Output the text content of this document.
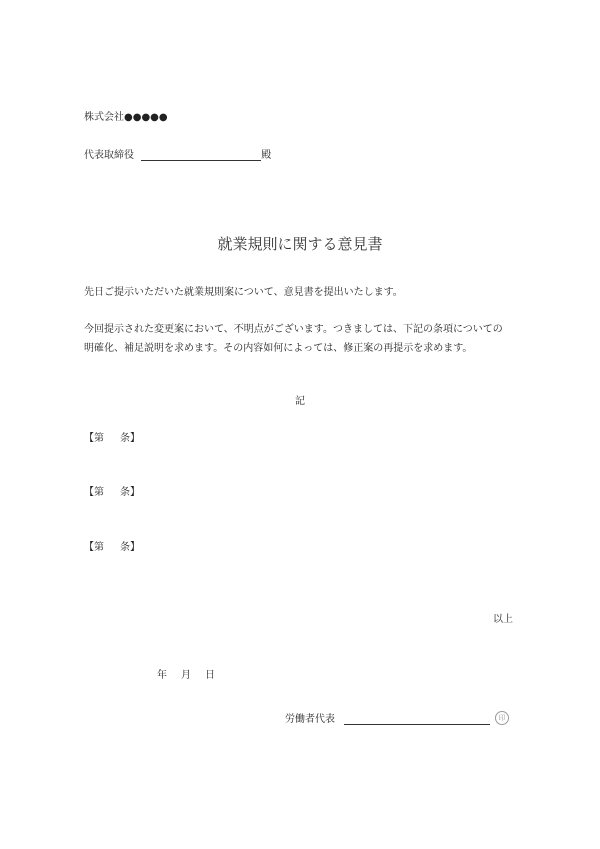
株式会社●●●●●
代表取締役	殿
就業規則に関する意見書
先日ご提示いただいた就業規則案について、意見書を提出いたします。
今回提示された変更案において、不明点がございます。つきましては、下記の条項についての
明確化、補足説明を求めます。その内容如何によっては、修正案の再提示を求めます。
記
【第 条】
【第 条】
【第 条】
以上
年 月 日
労働者代表	印
